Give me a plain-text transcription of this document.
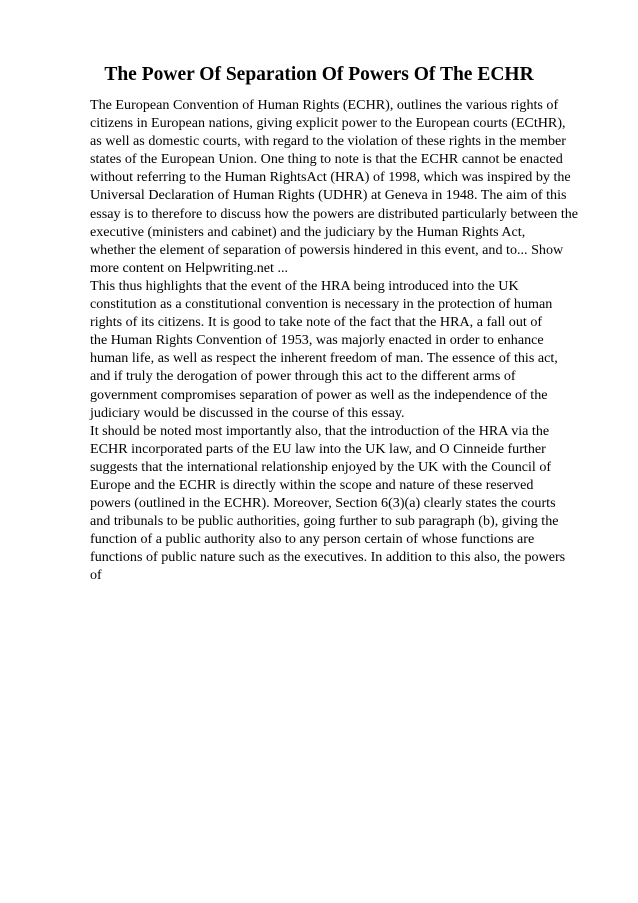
The Power Of Separation Of Powers Of The ECHR
The European Convention of Human Rights (ECHR), outlines the various rights of
citizens in European nations, giving explicit power to the European courts (ECtHR),
as well as domestic courts, with regard to the violation of these rights in the member
states of the European Union. One thing to note is that the ECHR cannot be enacted
without referring to the Human RightsAct (HRA) of 1998, which was inspired by the
Universal Declaration of Human Rights (UDHR) at Geneva in 1948. The aim of this
essay is to therefore to discuss how the powers are distributed particularly between the
executive (ministers and cabinet) and the judiciary by the Human Rights Act,
whether the element of separation of powersis hindered in this event, and to... Show
more content on Helpwriting.net ...
This thus highlights that the event of the HRA being introduced into the UK
constitution as a constitutional convention is necessary in the protection of human
rights of its citizens. It is good to take note of the fact that the HRA, a fall out of
the Human Rights Convention of 1953, was majorly enacted in order to enhance
human life, as well as respect the inherent freedom of man. The essence of this act,
and if truly the derogation of power through this act to the different arms of
government compromises separation of power as well as the independence of the
judiciary would be discussed in the course of this essay.
It should be noted most importantly also, that the introduction of the HRA via the
ECHR incorporated parts of the EU law into the UK law, and O Cinneide further
suggests that the international relationship enjoyed by the UK with the Council of
Europe and the ECHR is directly within the scope and nature of these reserved
powers (outlined in the ECHR). Moreover, Section 6(3)(a) clearly states the courts
and tribunals to be public authorities, going further to sub paragraph (b), giving the
function of a public authority also to any person certain of whose functions are
functions of public nature such as the executives. In addition to this also, the powers
of
